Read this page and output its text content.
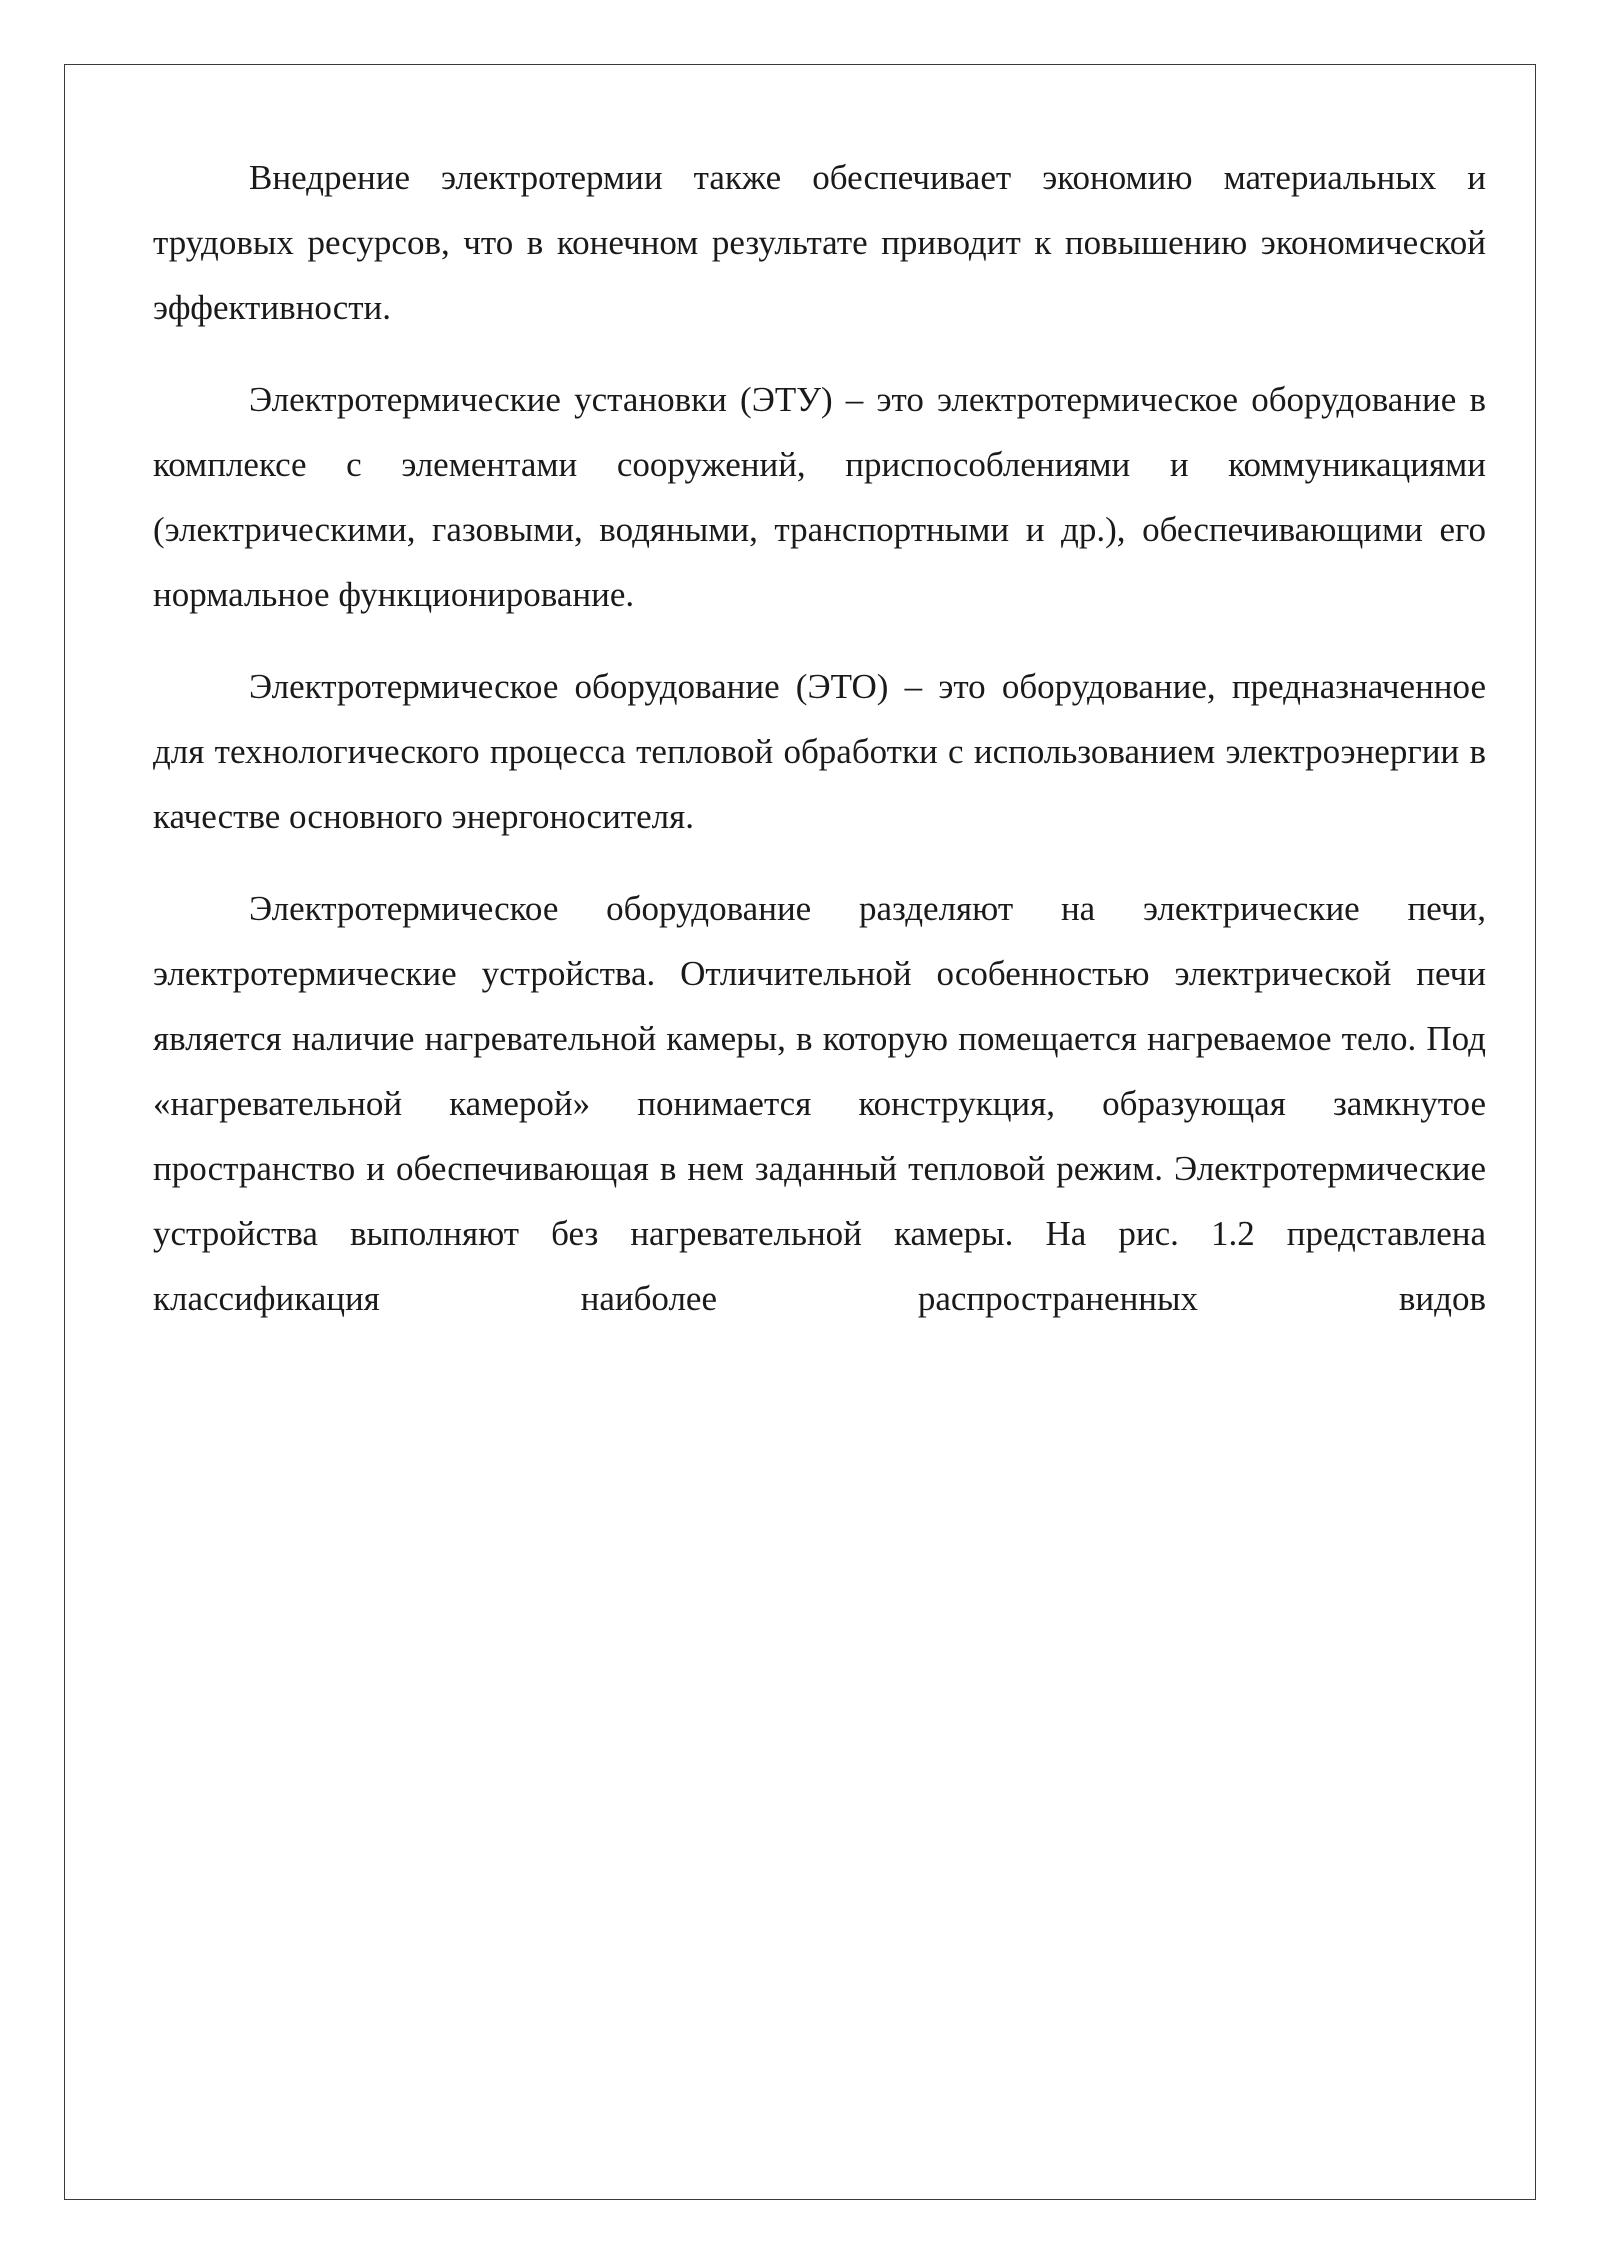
Внедрение электротермии также обеспечивает экономию материальных и трудовых ресурсов, что в конечном результате приводит к повышению экономической эффективности.

Электротермические установки (ЭТУ) – это электротермическое оборудование в комплексе с элементами сооружений, приспособлениями и коммуникациями (электрическими, газовыми, водяными, транспортными и др.), обеспечивающими его нормальное функционирование.

Электротермическое оборудование (ЭТО) – это оборудование, предназначенное для технологического процесса тепловой обработки с использованием электроэнергии в качестве основного энергоносителя.

Электротермическое оборудование разделяют на электрические печи, электротермические устройства. Отличительной особенностью электрической печи является наличие нагревательной камеры, в которую помещается нагреваемое тело. Под «нагревательной камерой» понимается конструкция, образующая замкнутое пространство и обеспечивающая в нем заданный тепловой режим. Электротермические устройства выполняют без нагревательной камеры. На рис. 1.2 представлена классификация наиболее распространенных видов
